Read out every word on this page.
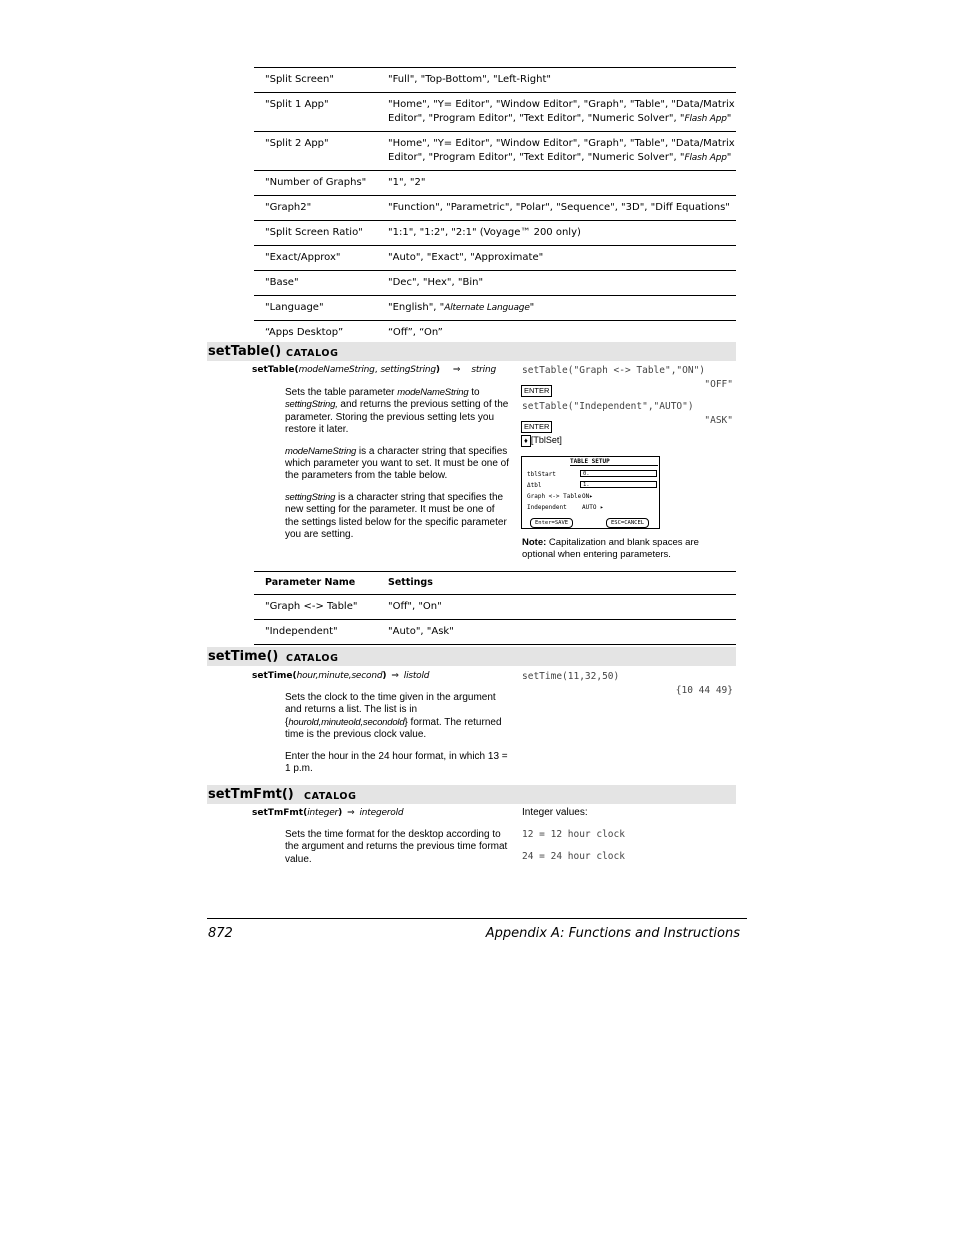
"Split Screen"	"Full", "Top-Bottom", "Left-Right"
"Split 1 App"	"Home", "Y= Editor", "Window Editor", "Graph", "Table", "Data/Matrix Editor", "Program Editor", "Text Editor", "Numeric Solver", "Flash App"
"Split 2 App"	"Home", "Y= Editor", "Window Editor", "Graph", "Table", "Data/Matrix Editor", "Program Editor", "Text Editor", "Numeric Solver", "Flash App"
"Number of Graphs"	"1", "2"
"Graph2"	"Function", "Parametric", "Polar", "Sequence", "3D", "Diff Equations"
"Split Screen Ratio"	"1:1", "1:2", "2:1" (Voyage™ 200 only)
"Exact/Approx"	"Auto", "Exact", "Approximate"
"Base"	"Dec", "Hex", "Bin"
"Language"	"English", "Alternate Language"
“Apps Desktop”	“Off”, “On”
setTable() CATALOG
setTable(modeNameString, settingString) ⇒ string

Sets the table parameter modeNameString to settingString, and returns the previous setting of the parameter. Storing the previous setting lets you restore it later.

modeNameString is a character string that specifies which parameter you want to set. It must be one of the parameters from the table below.

settingString is a character string that specifies the new setting for the parameter. It must be one of the settings listed below for the specific parameter you are setting.

setTable("Graph <-> Table","ON")
ENTER
"OFF"
setTable("Independent","AUTO")
ENTER
"ASK"
♦ [TblSet]
TABLE SETUP
tblStart	0.
Δtbl	1.
Graph <-> Table ON▸
Independent	AUTO ▸
Enter=SAVE	ESC=CANCEL
Note: Capitalization and blank spaces are optional when entering parameters.
Parameter Name	Settings
"Graph <-> Table"	"Off", "On"
"Independent"	"Auto", "Ask"
setTime() CATALOG
setTime(hour,minute,second) ⇒ listold

Sets the clock to the time given in the argument and returns a list. The list is in {hourold,minuteold,secondold} format. The returned time is the previous clock value.

Enter the hour in the 24 hour format, in which 13 = 1 p.m.

setTime(11,32,50)
{10 44 49}
setTmFmt() CATALOG
setTmFmt(integer) ⇒ integerold

Sets the time format for the desktop according to the argument and returns the previous time format value.

Integer values:
12 = 12 hour clock
24 = 24 hour clock
872	Appendix A: Functions and Instructions
